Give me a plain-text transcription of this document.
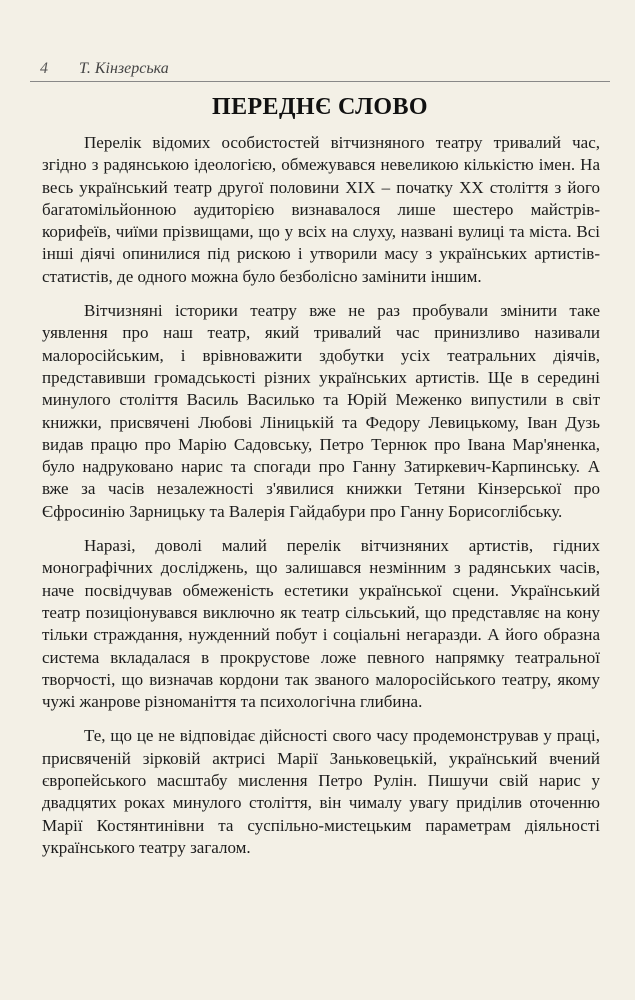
4 Т. Кінзерська
ПЕРЕДНЄ СЛОВО

Перелік відомих особистостей вітчизняного театру тривалий час, згідно з радянською ідеологією, обмежувався невеликою кількістю імен. На весь український театр другої половини XIX – початку XX століття з його багатомільйонною аудиторією визнавалося лише шестеро майстрів-корифеїв, чиїми прізвищами, що у всіх на слуху, названі вулиці та міста. Всі інші діячі опинилися під рискою і утворили масу з українських артистів-статистів, де одного можна було безболісно замінити іншим.

Вітчизняні історики театру вже не раз пробували змінити таке уявлення про наш театр, який тривалий час принизливо називали малоросійським, і врівноважити здобутки усіх театральних діячів, представивши громадськості різних українських артистів. Ще в середині минулого століття Василь Василько та Юрій Меженко випустили в світ книжки, присвячені Любові Ліницькій та Федору Левицькому, Іван Дузь видав працю про Марію Садовську, Петро Тернюк про Івана Мар'яненка, було надруковано нарис та спогади про Ганну Затиркевич-Карпинську. А вже за часів незалежності з'явилися книжки Тетяни Кінзерської про Єфросинію Зарницьку та Валерія Гайдабури про Ганну Борисоглібську.

Наразі, доволі малий перелік вітчизняних артистів, гідних монографічних досліджень, що залишався незмінним з радянських часів, наче посвідчував обмеженість естетики української сцени. Український театр позиціонувався виключно як театр сільський, що представляє на кону тільки страждання, нужденний побут і соціальні негаразди. А його образна система вкладалася в прокрустове ложе певного напрямку театральної творчості, що визначав кордони так званого малоросійського театру, якому чужі жанрове різноманіття та психологічна глибина.

Те, що це не відповідає дійсності свого часу продемонстрував у праці, присвяченій зірковій актрисі Марії Заньковецькій, український вчений європейського масштабу мислення Петро Рулін. Пишучи свій нарис у двадцятих роках минулого століття, він чималу увагу приділив оточенню Марії Костянтинівни та суспільно-мистецьким параметрам діяльності українського театру загалом.
